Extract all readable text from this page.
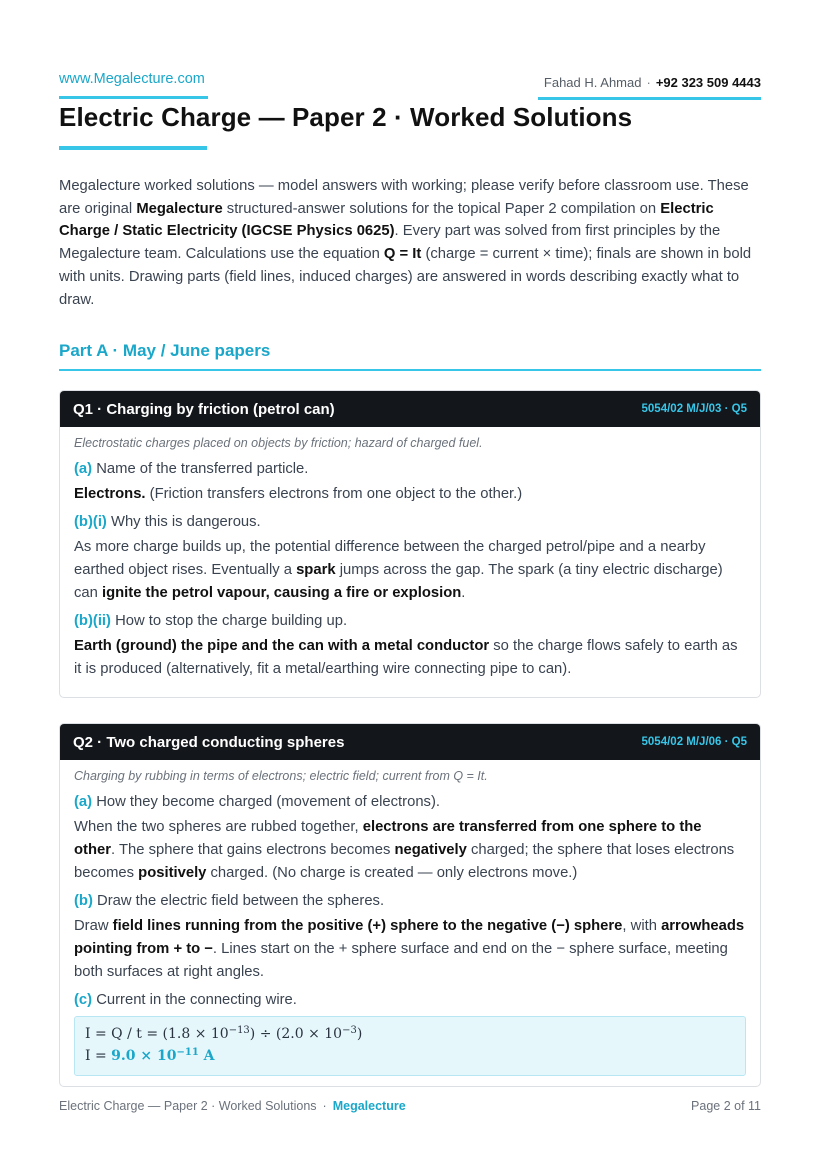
www.Megalecture.com	Fahad H. Ahmad · +92 323 509 4443
Electric Charge — Paper 2 · Worked Solutions

Megalecture worked solutions — model answers with working; please verify before classroom use. These are original Megalecture structured-answer solutions for the topical Paper 2 compilation on Electric Charge / Static Electricity (IGCSE Physics 0625). Every part was solved from first principles by the Megalecture team. Calculations use the equation Q = It (charge = current × time); finals are shown in bold with units. Drawing parts (field lines, induced charges) are answered in words describing exactly what to draw.

Part A · May / June papers
Q1 · Charging by friction (petrol can)	5054/02 M/J/03 · Q5
Electrostatic charges placed on objects by friction; hazard of charged fuel.
(a) Name of the transferred particle.
Electrons. (Friction transfers electrons from one object to the other.)
(b)(i) Why this is dangerous.
As more charge builds up, the potential difference between the charged petrol/pipe and a nearby earthed object rises. Eventually a spark jumps across the gap. The spark (a tiny electric discharge) can ignite the petrol vapour, causing a fire or explosion.
(b)(ii) How to stop the charge building up.
Earth (ground) the pipe and the can with a metal conductor so the charge flows safely to earth as it is produced (alternatively, fit a metal/earthing wire connecting pipe to can).
Q2 · Two charged conducting spheres	5054/02 M/J/06 · Q5
Charging by rubbing in terms of electrons; electric field; current from Q = It.
(a) How they become charged (movement of electrons).
When the two spheres are rubbed together, electrons are transferred from one sphere to the other. The sphere that gains electrons becomes negatively charged; the sphere that loses electrons becomes positively charged. (No charge is created — only electrons move.)
(b) Draw the electric field between the spheres.
Draw field lines running from the positive (+) sphere to the negative (−) sphere, with arrowheads pointing from + to −. Lines start on the + sphere surface and end on the − sphere surface, meeting both surfaces at right angles.
(c) Current in the connecting wire.
$I = Q / t = (1.8 \times 10^{-13}) \div (2.0 \times 10^{-3})$
$I = 9.0 \times 10^{-11}$ A
Electric Charge — Paper 2 · Worked Solutions · Megalecture	Page 2 of 11
